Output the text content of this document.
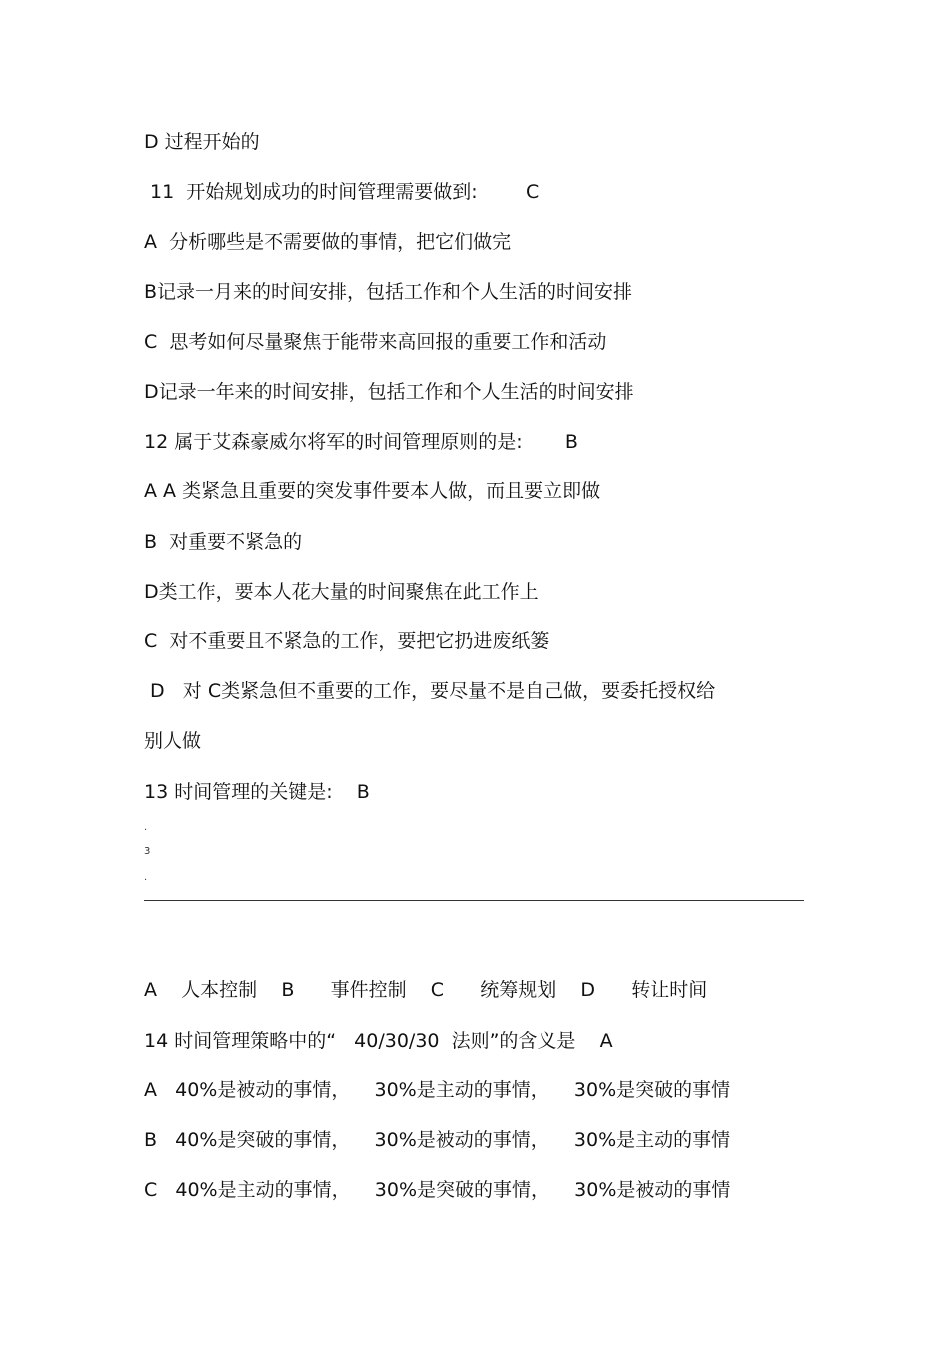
D 过程开始的
11  开始规划成功的时间管理需要做到:        C
A  分析哪些是不需要做的事情，把它们做完
B记录一月来的时间安排，包括工作和个人生活的时间安排
C  思考如何尽量聚焦于能带来高回报的重要工作和活动
D记录一年来的时间安排，包括工作和个人生活的时间安排
12 属于艾森豪威尔将军的时间管理原则的是:       B
A A 类紧急且重要的突发事件要本人做，而且要立即做
B  对重要不紧急的
D类工作，要本人花大量的时间聚焦在此工作上
C  对不重要且不紧急的工作，要把它扔进废纸篓
D   对 C类紧急但不重要的工作，要尽量不是自己做，要委托授权给
别人做
13 时间管理的关键是:    B
.
3
.
A    人本控制    B      事件控制    C      统筹规划    D      转让时间
14 时间管理策略中的“   40/30/30  法则”的含义是    A
A   40%是被动的事情，    30%是主动的事情，    30%是突破的事情
B   40%是突破的事情，    30%是被动的事情，    30%是主动的事情
C   40%是主动的事情，    30%是突破的事情，    30%是被动的事情
